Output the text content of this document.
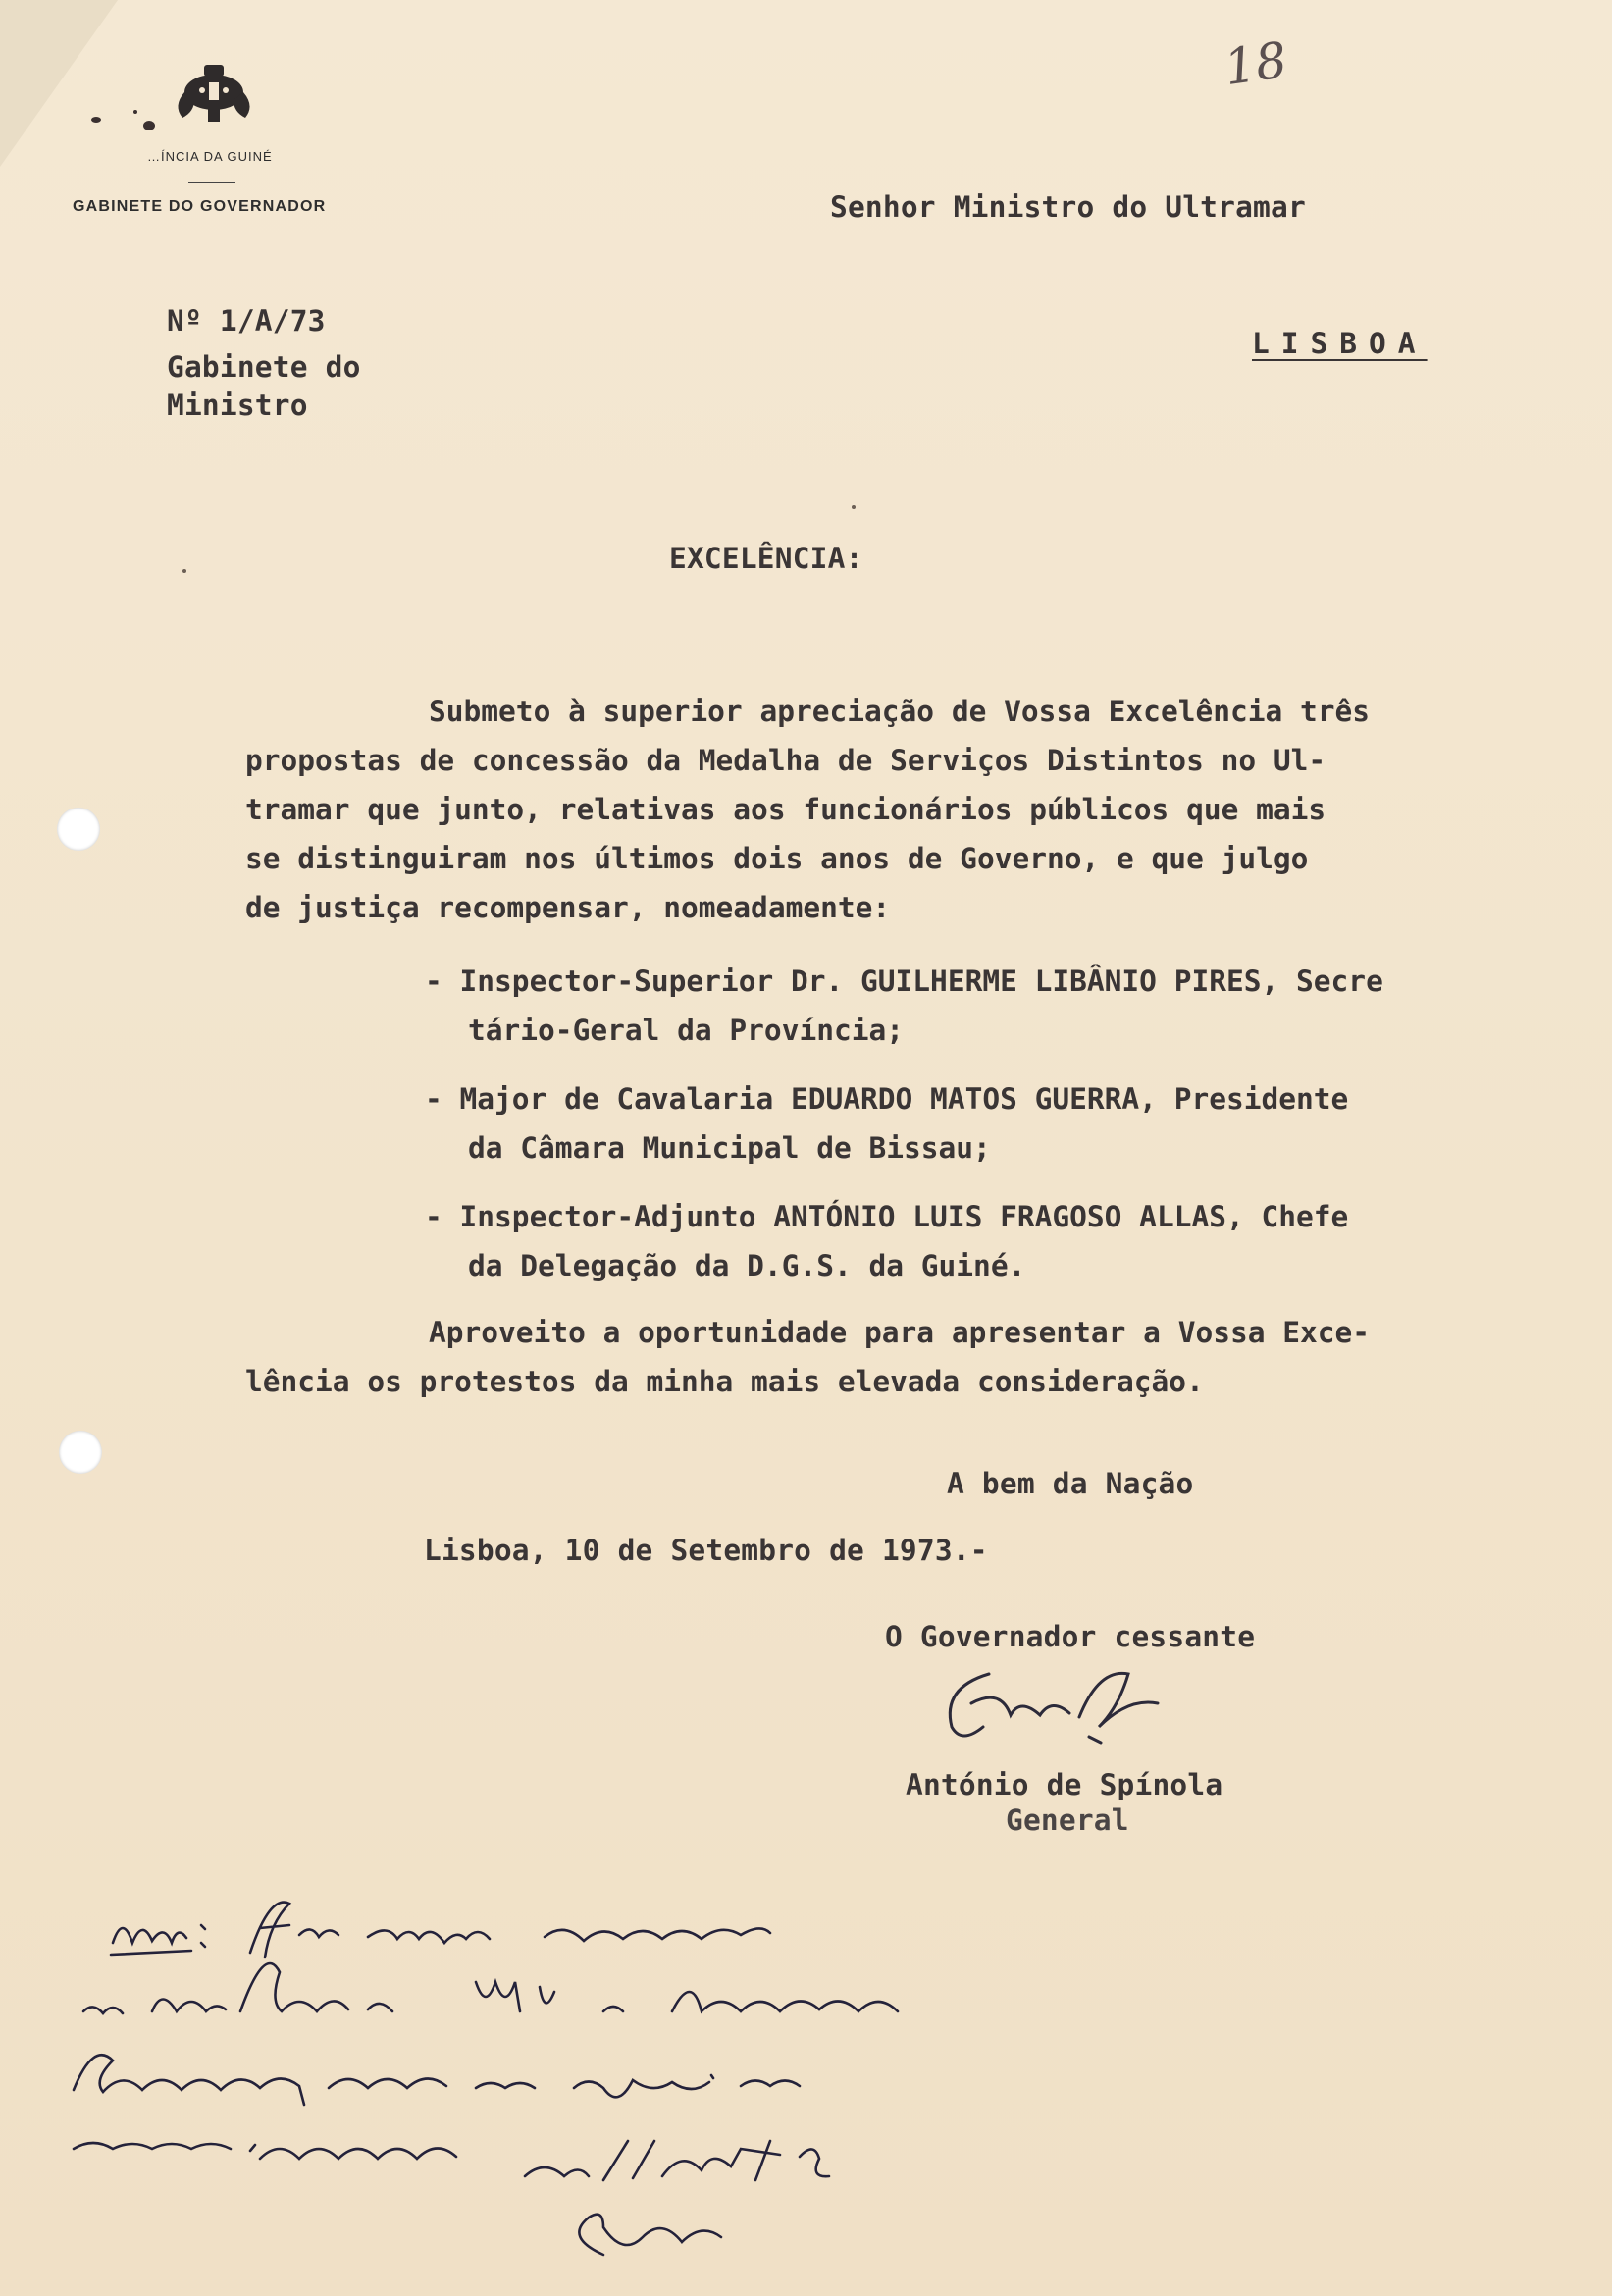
…ÍNCIA DA GUINÉ
GABINETE DO GOVERNADOR
18
Senhor Ministro do Ultramar
Nº 1/A/73
Gabinete do
Ministro
LISBOA
EXCELÊNCIA:
Submeto à superior apreciação de Vossa Excelência três
propostas de concessão da Medalha de Serviços Distintos no Ul-
tramar que junto, relativas aos funcionários públicos que mais
se distinguiram nos últimos dois anos de Governo, e que julgo
de justiça recompensar, nomeadamente:
- Inspector-Superior Dr. GUILHERME LIBÂNIO PIRES, Secre
tário-Geral da Província;
- Major de Cavalaria EDUARDO MATOS GUERRA, Presidente
da Câmara Municipal de Bissau;
- Inspector-Adjunto ANTÓNIO LUIS FRAGOSO ALLAS, Chefe
da Delegação da D.G.S. da Guiné.
Aproveito a oportunidade para apresentar a Vossa Exce-
lência os protestos da minha mais elevada consideração.
A bem da Nação
Lisboa, 10 de Setembro de 1973.-
O Governador cessante
António de Spínola
General
